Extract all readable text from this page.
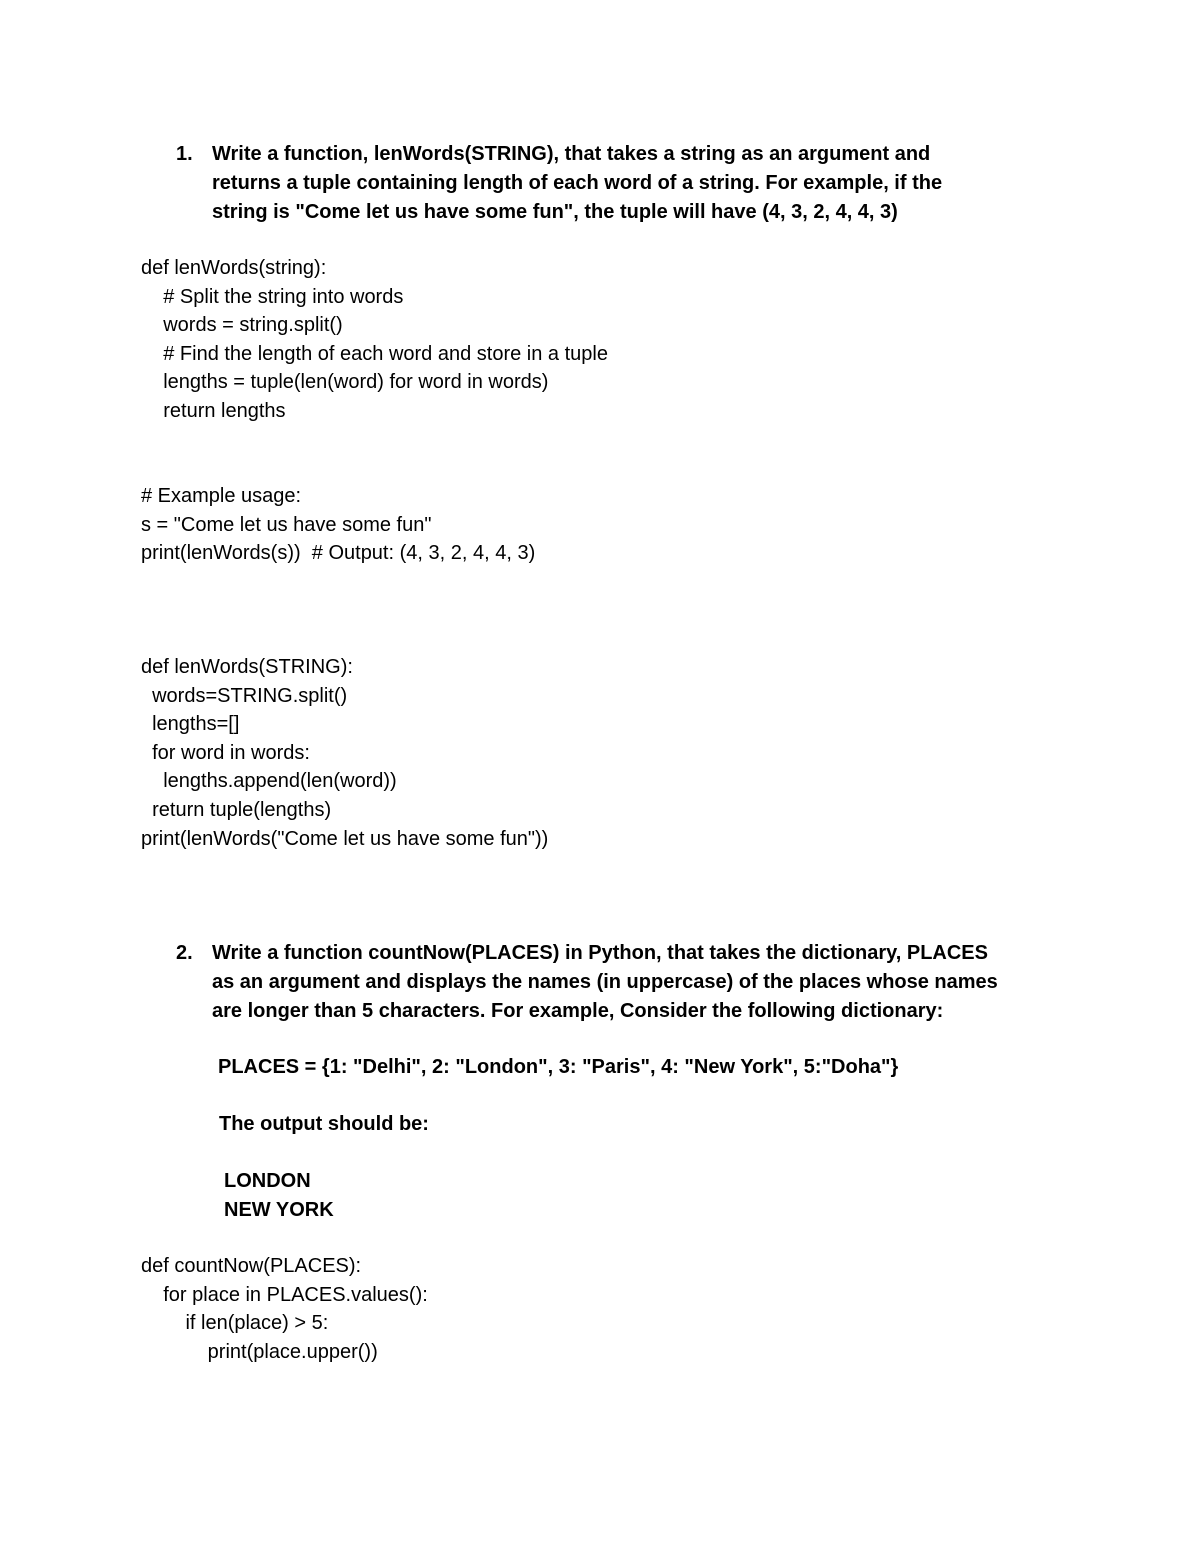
1. Write a function, lenWords(STRING), that takes a string as an argument and
returns a tuple containing length of each word of a string. For example, if the
string is "Come let us have some fun", the tuple will have (4, 3, 2, 4, 4, 3)
def lenWords(string):
# Split the string into words
words = string.split()
# Find the length of each word and store in a tuple
lengths = tuple(len(word) for word in words)
return lengths
# Example usage:
s = "Come let us have some fun"
print(lenWords(s))  # Output: (4, 3, 2, 4, 4, 3)
def lenWords(STRING):
words=STRING.split()
lengths=[]
for word in words:
lengths.append(len(word))
return tuple(lengths)
print(lenWords("Come let us have some fun"))
2. Write a function countNow(PLACES) in Python, that takes the dictionary, PLACES
as an argument and displays the names (in uppercase) of the places whose names
are longer than 5 characters. For example, Consider the following dictionary:
PLACES = {1: "Delhi", 2: "London", 3: "Paris", 4: "New York", 5:"Doha"}
The output should be:
LONDON
NEW YORK
def countNow(PLACES):
for place in PLACES.values():
if len(place) > 5:
print(place.upper())
